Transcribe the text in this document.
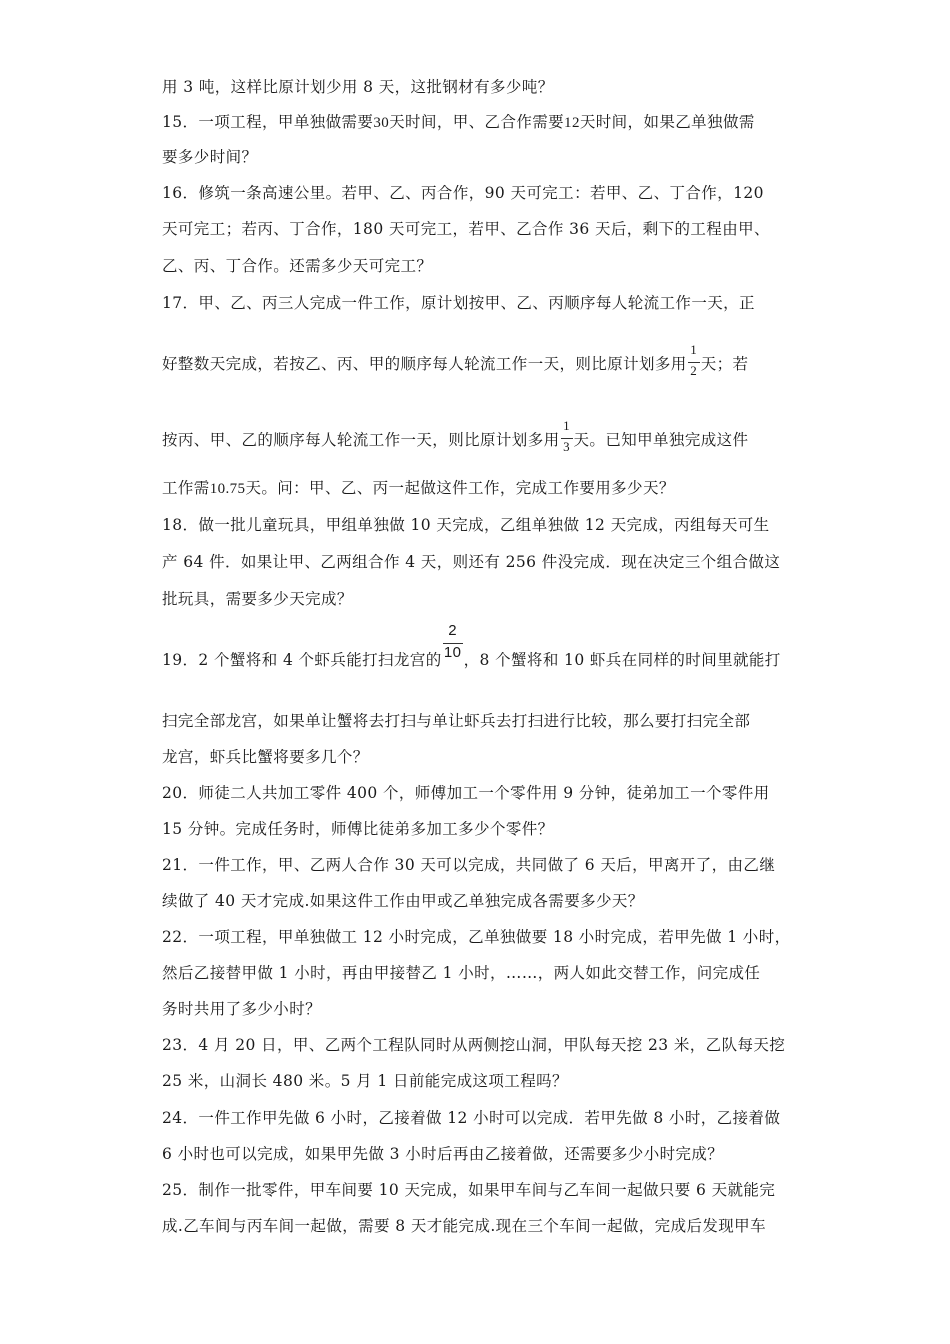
用 3 吨，这样比原计划少用 8 天，这批钢材有多少吨？
15．一项工程，甲单独做需要30天时间，甲、乙合作需要12天时间，如果乙单独做需
要多少时间？
16．修筑一条高速公里。若甲、乙、丙合作，90 天可完工：若甲、乙、丁合作，120
天可完工；若丙、丁合作，180 天可完工，若甲、乙合作 36 天后，剩下的工程由甲、
乙、丙、丁合作。还需多少天可完工？
17．甲、乙、丙三人完成一件工作，原计划按甲、乙、丙顺序每人轮流工作一天，正
好整数天完成，若按乙、丙、甲的顺序每人轮流工作一天，则比原计划多用 $\frac{1}{2}$ 天；若
按丙、甲、乙的顺序每人轮流工作一天，则比原计划多用 $\frac{1}{3}$ 天。已知甲单独完成这件
工作需10.75天。问：甲、乙、丙一起做这件工作，完成工作要用多少天？
18．做一批儿童玩具，甲组单独做 10 天完成，乙组单独做 12 天完成，丙组每天可生
产 64 件．如果让甲、乙两组合作 4 天，则还有 256 件没完成．现在决定三个组合做这
批玩具，需要多少天完成？
19．2 个蟹将和 4 个虾兵能打扫龙宫的 $\frac{2}{10}$ ，8 个蟹将和 10 虾兵在同样的时间里就能打
扫完全部龙宫，如果单让蟹将去打扫与单让虾兵去打扫进行比较，那么要打扫完全部
龙宫，虾兵比蟹将要多几个？
20．师徒二人共加工零件 400 个，师傅加工一个零件用 9 分钟，徒弟加工一个零件用
15 分钟。完成任务时，师傅比徒弟多加工多少个零件？
21．一件工作，甲、乙两人合作 30 天可以完成，共同做了 6 天后，甲离开了，由乙继
续做了 40 天才完成.如果这件工作由甲或乙单独完成各需要多少天？
22．一项工程，甲单独做工 12 小时完成，乙单独做要 18 小时完成，若甲先做 1 小时，
然后乙接替甲做 1 小时，再由甲接替乙 1 小时，……，两人如此交替工作，问完成任
务时共用了多少小时？
23．4 月 20 日，甲、乙两个工程队同时从两侧挖山洞，甲队每天挖 23 米，乙队每天挖
25 米，山洞长 480 米。5 月 1 日前能完成这项工程吗？
24．一件工作甲先做 6 小时，乙接着做 12 小时可以完成．若甲先做 8 小时，乙接着做
6 小时也可以完成，如果甲先做 3 小时后再由乙接着做，还需要多少小时完成？
25．制作一批零件，甲车间要 10 天完成，如果甲车间与乙车间一起做只要 6 天就能完
成.乙车间与丙车间一起做，需要 8 天才能完成.现在三个车间一起做，完成后发现甲车
